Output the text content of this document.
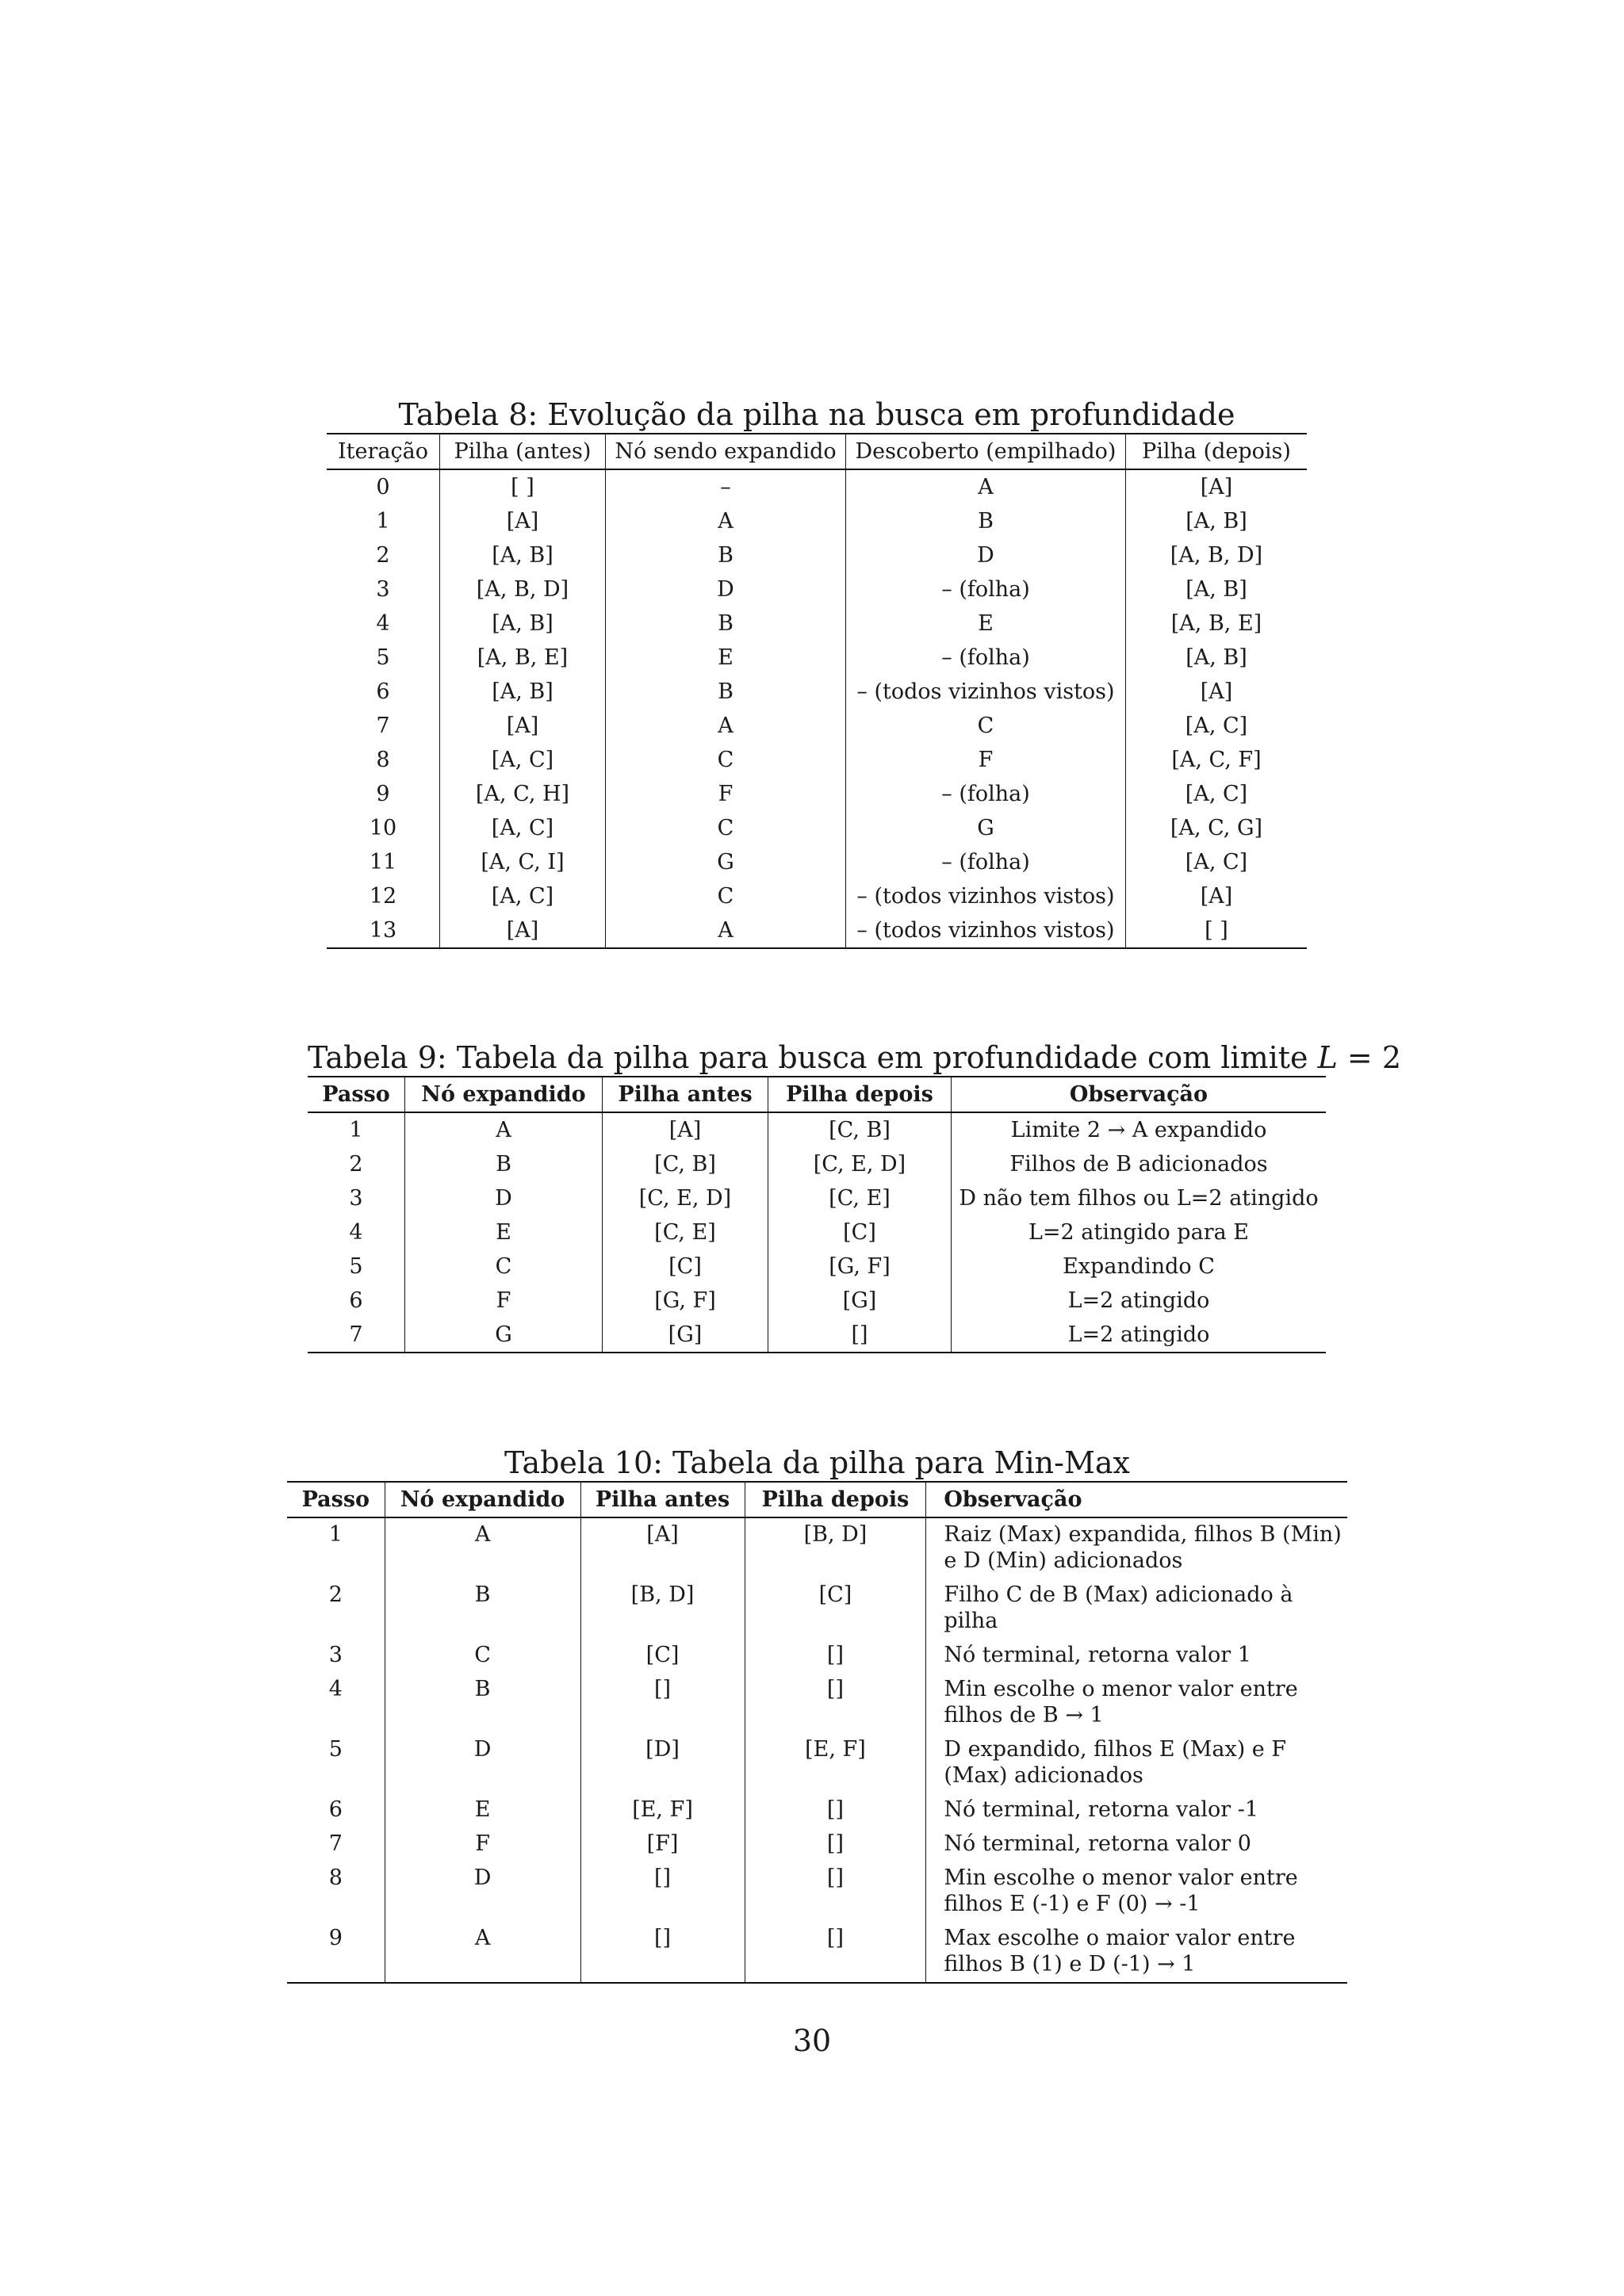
Tabela 8: Evolução da pilha na busca em profundidade
Iteração	Pilha (antes)	Nó sendo expandido	Descoberto (empilhado)	Pilha (depois)
0	[ ]	–	A	[A]
1	[A]	A	B	[A, B]
2	[A, B]	B	D	[A, B, D]
3	[A, B, D]	D	– (folha)	[A, B]
4	[A, B]	B	E	[A, B, E]
5	[A, B, E]	E	– (folha)	[A, B]
6	[A, B]	B	– (todos vizinhos vistos)	[A]
7	[A]	A	C	[A, C]
8	[A, C]	C	F	[A, C, F]
9	[A, C, H]	F	– (folha)	[A, C]
10	[A, C]	C	G	[A, C, G]
11	[A, C, I]	G	– (folha)	[A, C]
12	[A, C]	C	– (todos vizinhos vistos)	[A]
13	[A]	A	– (todos vizinhos vistos)	[ ]
Tabela 9: Tabela da pilha para busca em profundidade com limite L = 2
Passo	Nó expandido	Pilha antes	Pilha depois	Observação
1	A	[A]	[C, B]	Limite 2 → A expandido
2	B	[C, B]	[C, E, D]	Filhos de B adicionados
3	D	[C, E, D]	[C, E]	D não tem filhos ou L=2 atingido
4	E	[C, E]	[C]	L=2 atingido para E
5	C	[C]	[G, F]	Expandindo C
6	F	[G, F]	[G]	L=2 atingido
7	G	[G]	[]	L=2 atingido
Tabela 10: Tabela da pilha para Min-Max
Passo	Nó expandido	Pilha antes	Pilha depois	Observação
1	A	[A]	[B, D]	Raiz (Max) expandida, filhos B (Min) e D (Min) adicionados
2	B	[B, D]	[C]	Filho C de B (Max) adicionado à pilha
3	C	[C]	[]	Nó terminal, retorna valor 1
4	B	[]	[]	Min escolhe o menor valor entre filhos de B → 1
5	D	[D]	[E, F]	D expandido, filhos E (Max) e F (Max) adicionados
6	E	[E, F]	[]	Nó terminal, retorna valor -1
7	F	[F]	[]	Nó terminal, retorna valor 0
8	D	[]	[]	Min escolhe o menor valor entre filhos E (-1) e F (0) → -1
9	A	[]	[]	Max escolhe o maior valor entre filhos B (1) e D (-1) → 1
30
